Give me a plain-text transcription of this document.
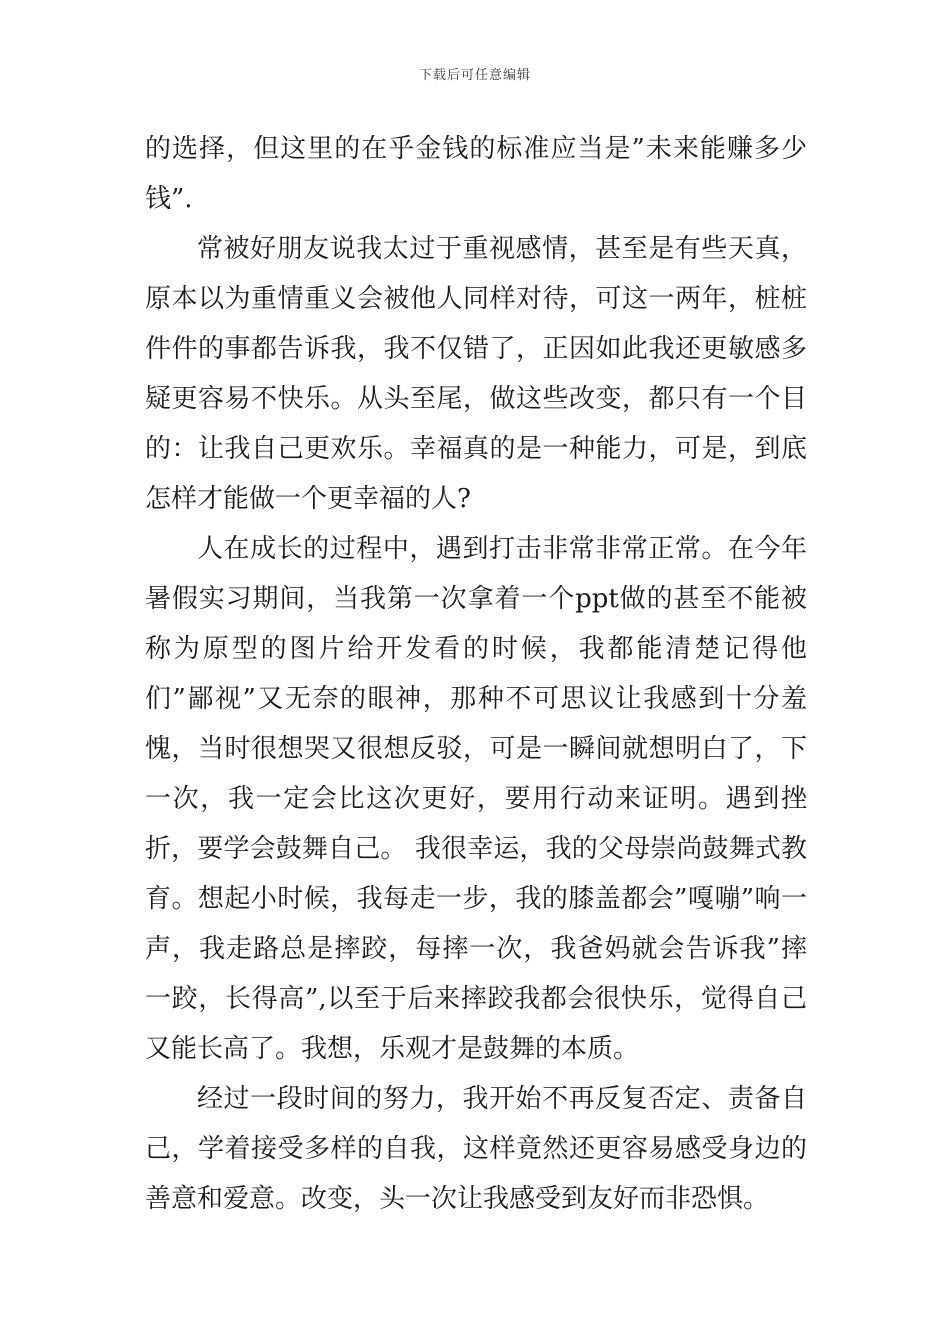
下载后可任意编辑

的选择，但这里的在乎金钱的标准应当是”未来能赚多少钱”.

常被好朋友说我太过于重视感情，甚至是有些天真，原本以为重情重义会被他人同样对待，可这一两年，桩桩件件的事都告诉我，我不仅错了，正因如此我还更敏感多疑更容易不快乐。从头至尾，做这些改变，都只有一个目的：让我自己更欢乐。幸福真的是一种能力，可是，到底怎样才能做一个更幸福的人?

人在成长的过程中，遇到打击非常非常正常。在今年暑假实习期间，当我第一次拿着一个ppt做的甚至不能被称为原型的图片给开发看的时候，我都能清楚记得他们”鄙视”又无奈的眼神，那种不可思议让我感到十分羞愧，当时很想哭又很想反驳，可是一瞬间就想明白了，下一次，我一定会比这次更好，要用行动来证明。遇到挫折，要学会鼓舞自己。 我很幸运，我的父母崇尚鼓舞式教育。想起小时候，我每走一步，我的膝盖都会”嘎嘣”响一声，我走路总是摔跤，每摔一次，我爸妈就会告诉我”摔一跤，长得高”,以至于后来摔跤我都会很快乐，觉得自己又能长高了。我想，乐观才是鼓舞的本质。

经过一段时间的努力，我开始不再反复否定、责备自己，学着接受多样的自我，这样竟然还更容易感受身边的善意和爱意。改变，头一次让我感受到友好而非恐惧。
